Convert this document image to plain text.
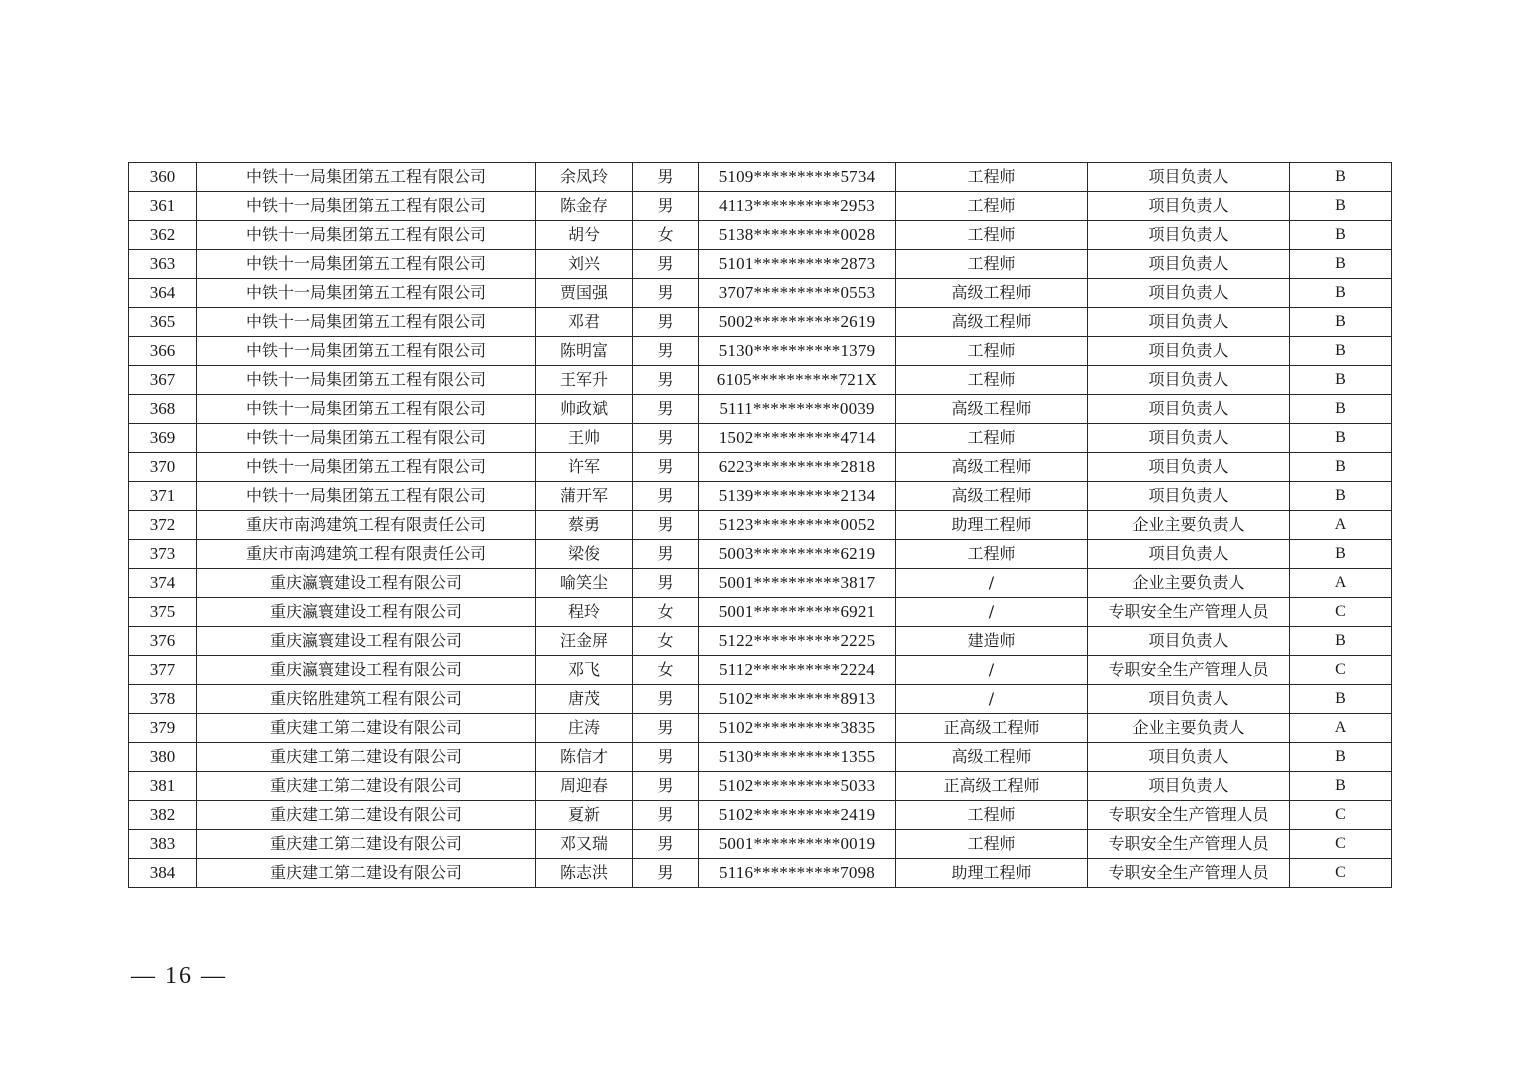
360	中铁十一局集团第五工程有限公司	余凤玲	男	5109**********5734	工程师	项目负责人	B
361	中铁十一局集团第五工程有限公司	陈金存	男	4113**********2953	工程师	项目负责人	B
362	中铁十一局集团第五工程有限公司	胡兮	女	5138**********0028	工程师	项目负责人	B
363	中铁十一局集团第五工程有限公司	刘兴	男	5101**********2873	工程师	项目负责人	B
364	中铁十一局集团第五工程有限公司	贾国强	男	3707**********0553	高级工程师	项目负责人	B
365	中铁十一局集团第五工程有限公司	邓君	男	5002**********2619	高级工程师	项目负责人	B
366	中铁十一局集团第五工程有限公司	陈明富	男	5130**********1379	工程师	项目负责人	B
367	中铁十一局集团第五工程有限公司	王军升	男	6105**********721X	工程师	项目负责人	B
368	中铁十一局集团第五工程有限公司	帅政斌	男	5111**********0039	高级工程师	项目负责人	B
369	中铁十一局集团第五工程有限公司	王帅	男	1502**********4714	工程师	项目负责人	B
370	中铁十一局集团第五工程有限公司	许军	男	6223**********2818	高级工程师	项目负责人	B
371	中铁十一局集团第五工程有限公司	蒲开军	男	5139**********2134	高级工程师	项目负责人	B
372	重庆市南鸿建筑工程有限责任公司	蔡勇	男	5123**********0052	助理工程师	企业主要负责人	A
373	重庆市南鸿建筑工程有限责任公司	梁俊	男	5003**********6219	工程师	项目负责人	B
374	重庆瀛寰建设工程有限公司	喻笑尘	男	5001**********3817	/	企业主要负责人	A
375	重庆瀛寰建设工程有限公司	程玲	女	5001**********6921	/	专职安全生产管理人员	C
376	重庆瀛寰建设工程有限公司	汪金屏	女	5122**********2225	建造师	项目负责人	B
377	重庆瀛寰建设工程有限公司	邓飞	女	5112**********2224	/	专职安全生产管理人员	C
378	重庆铭胜建筑工程有限公司	唐茂	男	5102**********8913	/	项目负责人	B
379	重庆建工第二建设有限公司	庄涛	男	5102**********3835	正高级工程师	企业主要负责人	A
380	重庆建工第二建设有限公司	陈信才	男	5130**********1355	高级工程师	项目负责人	B
381	重庆建工第二建设有限公司	周迎春	男	5102**********5033	正高级工程师	项目负责人	B
382	重庆建工第二建设有限公司	夏新	男	5102**********2419	工程师	专职安全生产管理人员	C
383	重庆建工第二建设有限公司	邓又瑞	男	5001**********0019	工程师	专职安全生产管理人员	C
384	重庆建工第二建设有限公司	陈志洪	男	5116**********7098	助理工程师	专职安全生产管理人员	C
— 16 —
